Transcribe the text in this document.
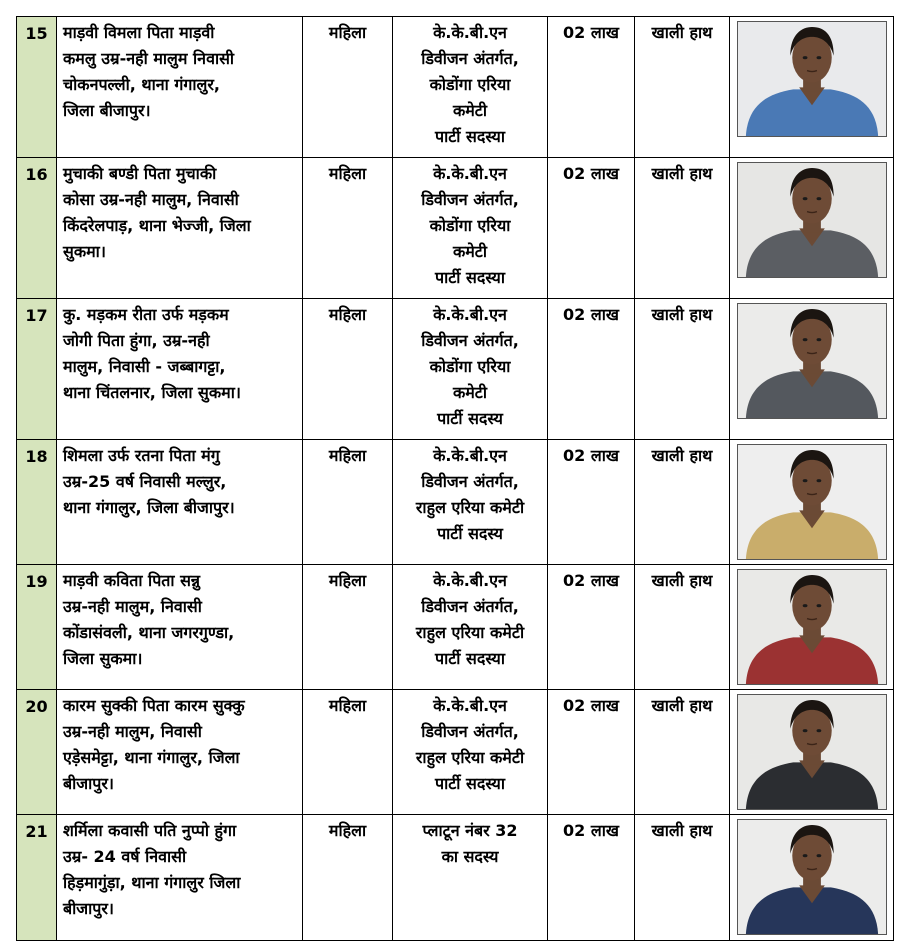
15	माड़वी विमला पिता माड़वी
कमलु उम्र-नही मालुम निवासी
चोकनपल्ली, थाना गंगालुर,
जिला बीजापुर।	महिला	के.के.बी.एन
डिवीजन अंतर्गत,
कोडोंगा एरिया
कमेटी
पार्टी सदस्या	02 लाख	खाली हाथ	

16	मुचाकी बण्डी पिता मुचाकी
कोसा उम्र-नही मालुम, निवासी
किंदरेलपाड़, थाना भेज्जी, जिला
सुकमा।	महिला	के.के.बी.एन
डिवीजन अंतर्गत,
कोडोंगा एरिया
कमेटी
पार्टी सदस्या	02 लाख	खाली हाथ	

17	कु. मड़कम रीता उर्फ मड़कम
जोगी पिता हुंगा, उम्र-नही
मालुम, निवासी - जब्बागट्टा,
थाना चिंतलनार, जिला सुकमा।	महिला	के.के.बी.एन
डिवीजन अंतर्गत,
कोडोंगा एरिया
कमेटी
पार्टी सदस्य	02 लाख	खाली हाथ	

18	शिमला उर्फ रतना पिता मंगु
उम्र-25 वर्ष निवासी मल्लुर,
थाना गंगालुर, जिला बीजापुर।	महिला	के.के.बी.एन
डिवीजन अंतर्गत,
राहुल एरिया कमेटी
पार्टी सदस्य	02 लाख	खाली हाथ	

19	माड़वी कविता पिता सन्नु
उम्र-नही मालुम, निवासी
कोंडासंवली, थाना जगरगुण्डा,
जिला सुकमा।	महिला	के.के.बी.एन
डिवीजन अंतर्गत,
राहुल एरिया कमेटी
पार्टी सदस्या	02 लाख	खाली हाथ	

20	कारम सुक्की पिता कारम सुक्कु
उम्र-नही मालुम, निवासी
एड़ेसमेट्टा, थाना गंगालुर, जिला
बीजापुर।	महिला	के.के.बी.एन
डिवीजन अंतर्गत,
राहुल एरिया कमेटी
पार्टी सदस्या	02 लाख	खाली हाथ	

21	शर्मिला कवासी पति नुप्पो हुंगा
उम्र- 24 वर्ष निवासी
हिड़मागुंड़ा, थाना गंगालुर जिला
बीजापुर।	महिला	प्लाटून नंबर 32
का सदस्य	02 लाख	खाली हाथ	
